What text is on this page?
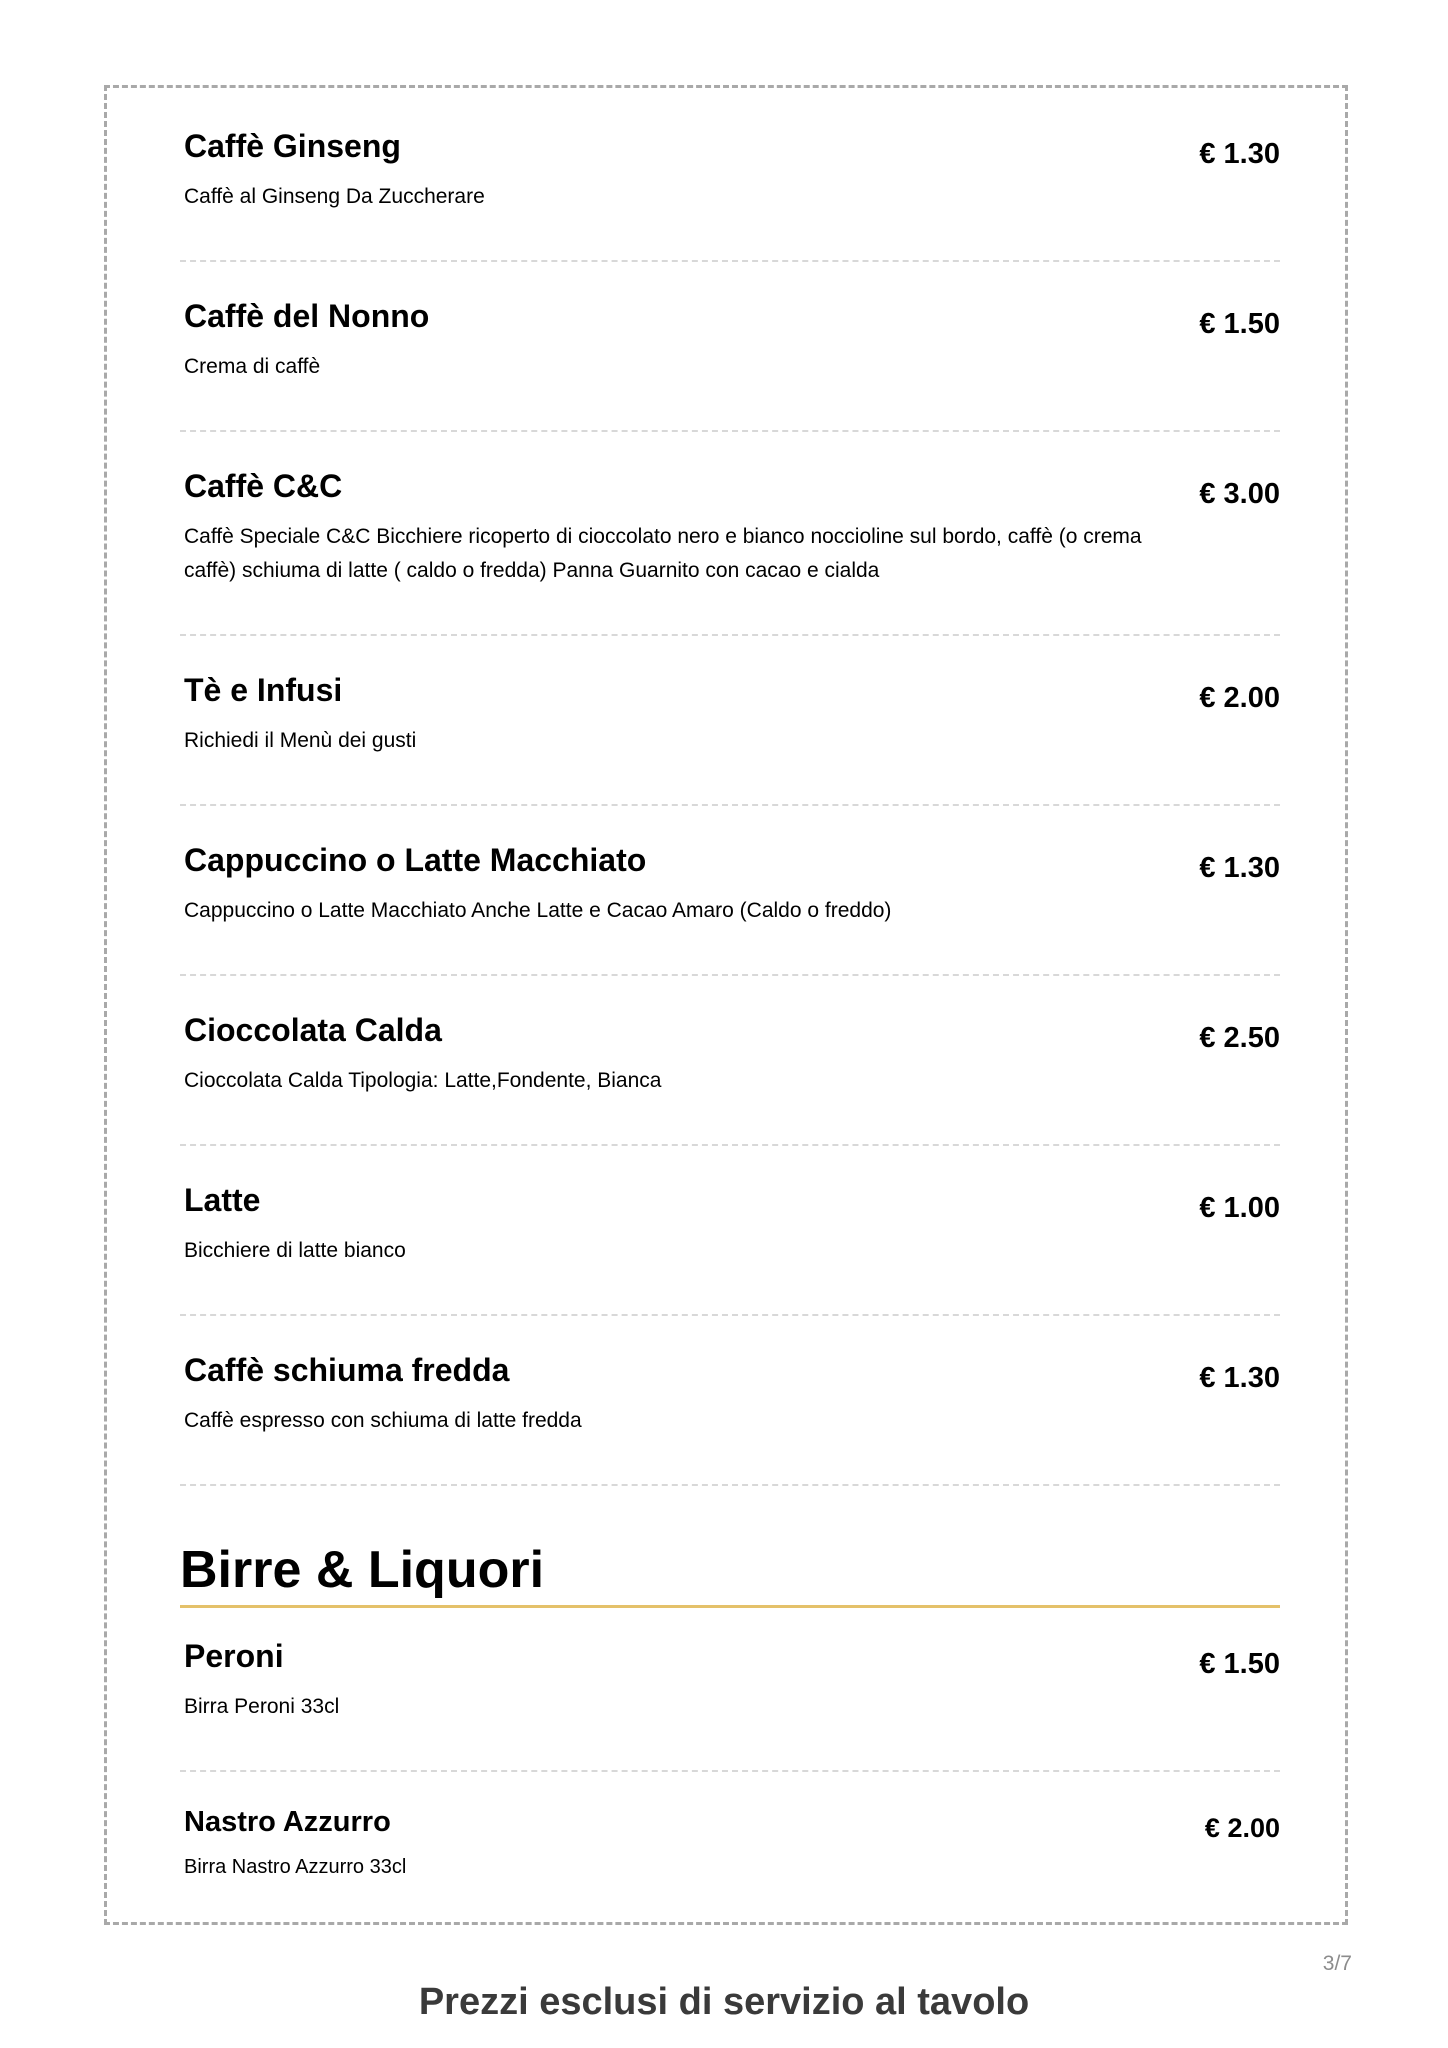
Caffè Ginseng
Caffè al Ginseng Da Zuccherare
€ 1.30
Caffè del Nonno
Crema di caffè
€ 1.50
Caffè C&C
Caffè Speciale C&C Bicchiere ricoperto di cioccolato nero e bianco noccioline sul bordo, caffè (o crema caffè) schiuma di latte ( caldo o fredda) Panna Guarnito con cacao e cialda
€ 3.00
Tè e Infusi
Richiedi il Menù dei gusti
€ 2.00
Cappuccino o Latte Macchiato
Cappuccino o Latte Macchiato Anche Latte e Cacao Amaro (Caldo o freddo)
€ 1.30
Cioccolata Calda
Cioccolata Calda Tipologia: Latte,Fondente, Bianca
€ 2.50
Latte
Bicchiere di latte bianco
€ 1.00
Caffè schiuma fredda
Caffè espresso con schiuma di latte fredda
€ 1.30
Birre & Liquori
Peroni
Birra Peroni 33cl
€ 1.50
Nastro Azzurro
Birra Nastro Azzurro 33cl
€ 2.00
3/7
Prezzi esclusi di servizio al tavolo
